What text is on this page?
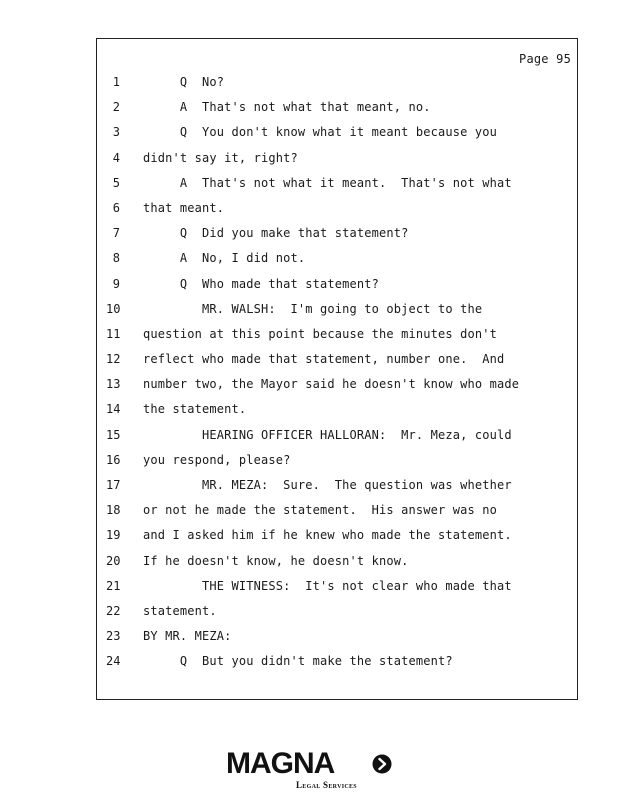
Page 95
1 Q  No?
2 A  That's not what that meant, no.
3 Q  You don't know what it meant because you
4 didn't say it, right?
5 A  That's not what it meant.  That's not what
6 that meant.
7 Q  Did you make that statement?
8 A  No, I did not.
9 Q  Who made that statement?
10 MR. WALSH:  I'm going to object to the
11 question at this point because the minutes don't
12 reflect who made that statement, number one.  And
13 number two, the Mayor said he doesn't know who made
14 the statement.
15 HEARING OFFICER HALLORAN:  Mr. Meza, could
16 you respond, please?
17 MR. MEZA:  Sure.  The question was whether
18 or not he made the statement.  His answer was no
19 and I asked him if he knew who made the statement.
20 If he doesn't know, he doesn't know.
21 THE WITNESS:  It's not clear who made that
22 statement.
23 BY MR. MEZA:
24 Q  But you didn't make the statement?
MAGNA
Legal Services
